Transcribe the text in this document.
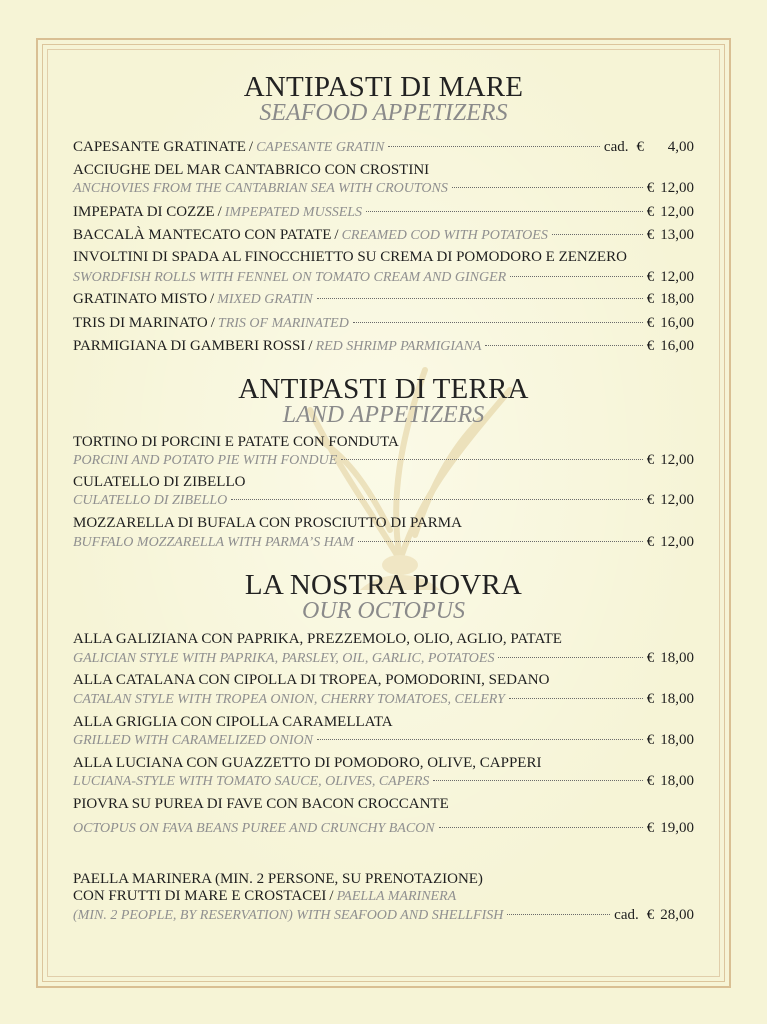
ANTIPASTI DI MARE
SEAFOOD APPETIZERS
CAPESANTE GRATINATE / CAPESANTE GRATIN	cad. € 4,00
ACCIUGHE DEL MAR CANTABRICO CON CROSTINI
ANCHOVIES FROM THE CANTABRIAN SEA WITH CROUTONS	€ 12,00
IMPEPATA DI COZZE / IMPEPATED MUSSELS	€ 12,00
BACCALÀ MANTECATO CON PATATE / CREAMED COD WITH POTATOES	€ 13,00
INVOLTINI DI SPADA AL FINOCCHIETTO SU CREMA DI POMODORO E ZENZERO
SWORDFISH ROLLS WITH FENNEL ON TOMATO CREAM AND GINGER	€ 12,00
GRATINATO MISTO / MIXED GRATIN	€ 18,00
TRIS DI MARINATO / TRIS OF MARINATED	€ 16,00
PARMIGIANA DI GAMBERI ROSSI / RED SHRIMP PARMIGIANA	€ 16,00
ANTIPASTI DI TERRA
LAND APPETIZERS
TORTINO DI PORCINI E PATATE CON FONDUTA
PORCINI AND POTATO PIE WITH FONDUE	€ 12,00
CULATELLO DI ZIBELLO
CULATELLO DI ZIBELLO	€ 12,00
MOZZARELLA DI BUFALA CON PROSCIUTTO DI PARMA
BUFFALO MOZZARELLA WITH PARMA’S HAM	€ 12,00
LA NOSTRA PIOVRA
OUR OCTOPUS
ALLA GALIZIANA CON PAPRIKA, PREZZEMOLO, OLIO, AGLIO, PATATE
GALICIAN STYLE WITH PAPRIKA, PARSLEY, OIL, GARLIC, POTATOES	€ 18,00
ALLA CATALANA CON CIPOLLA DI TROPEA, POMODORINI, SEDANO
CATALAN STYLE WITH TROPEA ONION, CHERRY TOMATOES, CELERY	€ 18,00
ALLA GRIGLIA CON CIPOLLA CARAMELLATA
GRILLED WITH CARAMELIZED ONION	€ 18,00
ALLA LUCIANA CON GUAZZETTO DI POMODORO, OLIVE, CAPPERI
LUCIANA-STYLE WITH TOMATO SAUCE, OLIVES, CAPERS	€ 18,00
PIOVRA SU PUREA DI FAVE CON BACON CROCCANTE
OCTOPUS ON FAVA BEANS PUREE AND CRUNCHY BACON	€ 19,00
PAELLA MARINERA (MIN. 2 PERSONE, SU PRENOTAZIONE)
CON FRUTTI DI MARE E CROSTACEI / PAELLA MARINERA
(MIN. 2 PEOPLE, BY RESERVATION) WITH SEAFOOD AND SHELLFISH	cad. € 28,00
